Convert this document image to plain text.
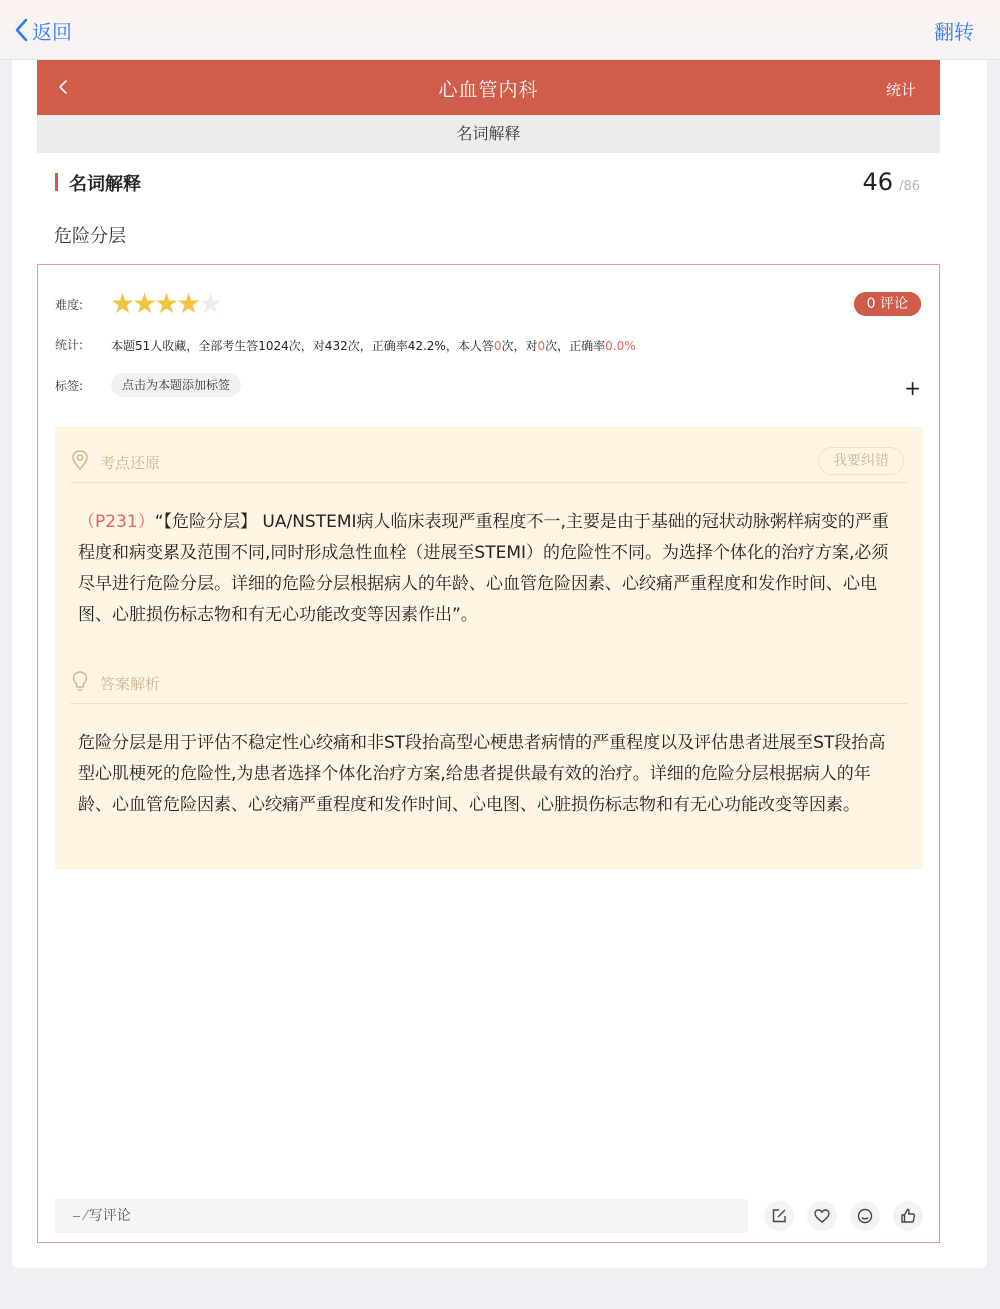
返回	翻转
心血管内科	统计
名词解释
名词解释	46 /86
危险分层
难度: ★
★
★
★
★	0 评论
统计: 本题51人收藏，全部考生答1024次，对432次，正确率42.2%，本人答0次，对0次，正确率0.0%
标签:	点击为本题添加标签	+
考点还原	我要纠错
（P231）“【危险分层】 UA/NSTEMI病人临床表现严重程度不一,主要是由于基础的冠状动脉粥样病变的严重程度和病变累及范围不同,同时形成急性血栓（进展至STEMI）的危险性不同。为选择个体化的治疗方案,必须尽早进行危险分层。详细的危险分层根据病人的年龄、心血管危险因素、心绞痛严重程度和发作时间、心电图、心脏损伤标志物和有无心功能改变等因素作出”。
答案解析
危险分层是用于评估不稳定性心绞痛和非ST段抬高型心梗患者病情的严重程度以及评估患者进展至ST段抬高型心肌梗死的危险性,为患者选择个体化治疗方案,给患者提供最有效的治疗。详细的危险分层根据病人的年龄、心血管危险因素、心绞痛严重程度和发作时间、心电图、心脏损伤标志物和有无心功能改变等因素。
⎯ ⁄ 写评论
